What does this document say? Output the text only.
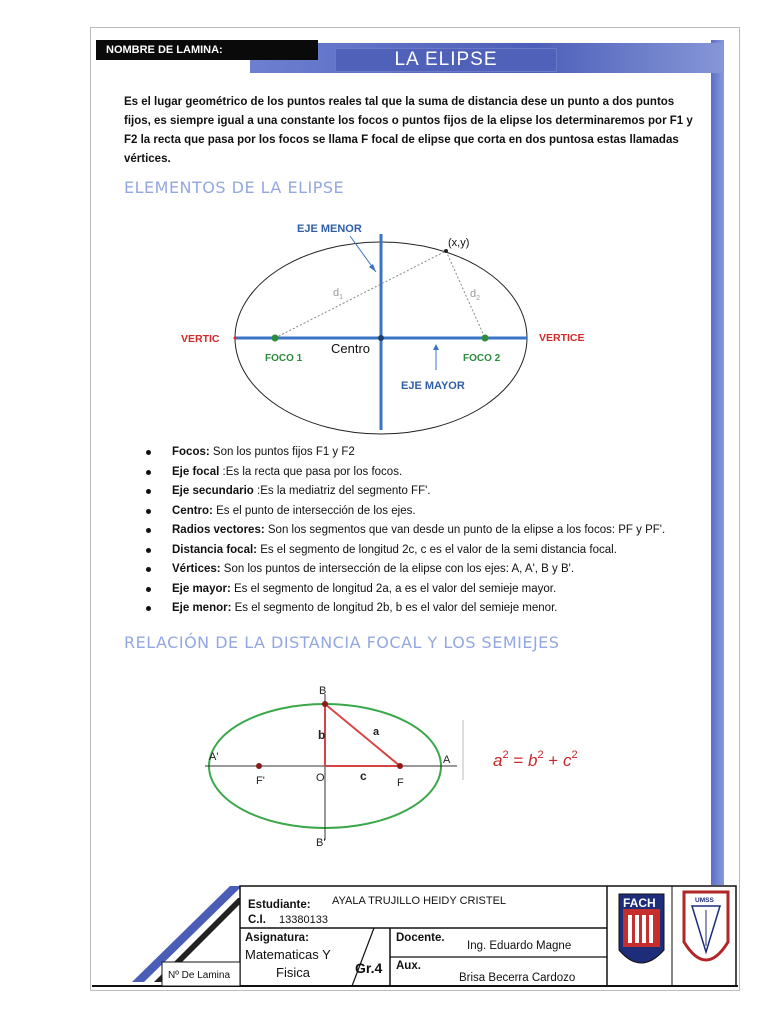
NOMBRE DE LAMINA:	LA ELIPSE
Es el lugar geométrico de los puntos reales tal que la suma de distancia dese un punto a dos puntos fijos, es siempre igual a una constante los focos o puntos fijos de la elipse los determinaremos por F1 y F2 la recta que pasa por los focos se llama F focal de elipse que corta en dos puntosa estas llamadas vértices.
ELEMENTOS DE LA ELIPSE
EJE MENOR
EJE MAYOR
(x,y)
$d_1$	$d_2$
VERTIC	VERTICE
FOCO 1	FOCO 2
Centro
Focos: Son los puntos fijos F1 y F2
Eje focal :Es la recta que pasa por los focos.
Eje secundario :Es la mediatriz del segmento FF'.
Centro: Es el punto de intersección de los ejes.
Radios vectores: Son los segmentos que van desde un punto de la elipse a los focos: PF y PF'.
Distancia focal: Es el segmento de longitud 2c, c es el valor de la semi distancia focal.
Vértices: Son los puntos de intersección de la elipse con los ejes: A, A', B y B'.
Eje mayor: Es el segmento de longitud 2a, a es el valor del semieje mayor.
Eje menor: Es el segmento de longitud 2b, b es el valor del semieje menor.
RELACIÓN DE LA DISTANCIA FOCAL Y LOS SEMIEJES
B
B'
A
A'
O	F
F'
a
b
c
$a^2 = b^2 + c^2$
Estudiante: AYALA TRUJILLO HEIDY CRISTEL
C.I. 13380133
Asignatura:
Matematicas Y
Fisica	Gr.4
Docente.
Ing. Eduardo Magne
Aux.
Brisa Becerra Cardozo
Nº De Lamina
FACH	UMSS
